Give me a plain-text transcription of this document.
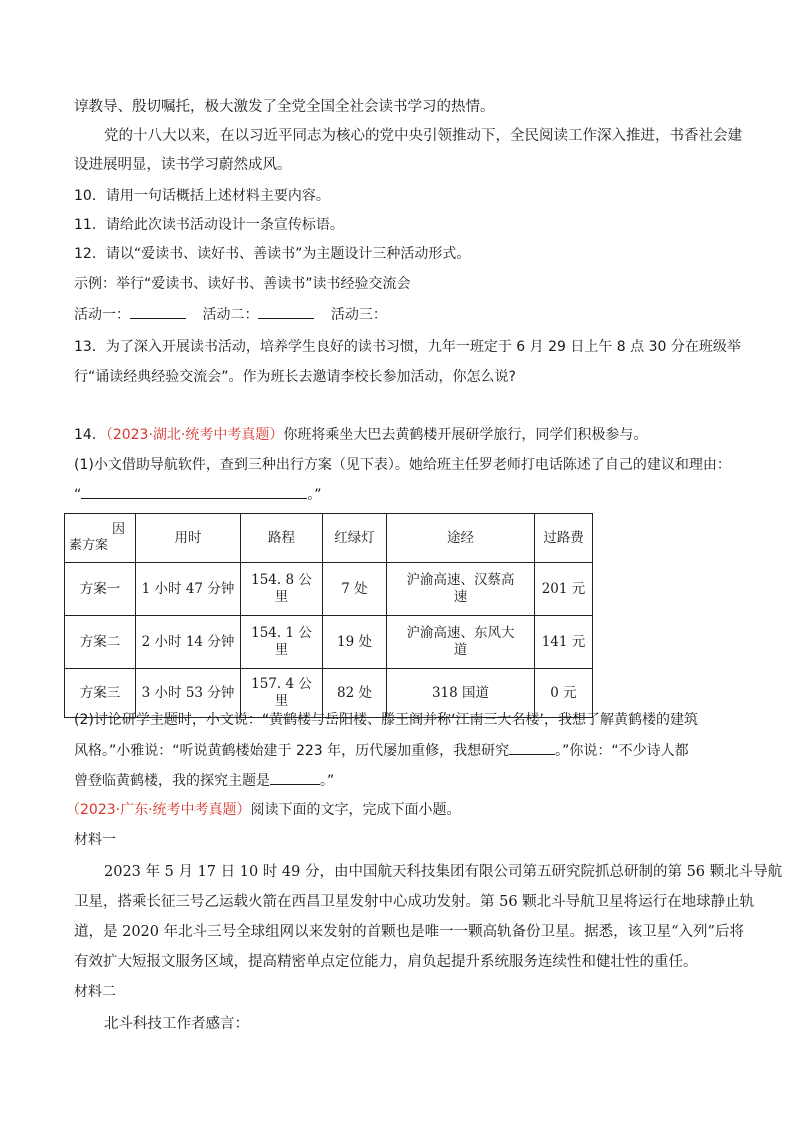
谆教导、殷切嘱托，极大激发了全党全国全社会读书学习的热情。
党的十八大以来，在以习近平同志为核心的党中央引领推动下，全民阅读工作深入推进，书香社会建
设进展明显，读书学习蔚然成风。
10．请用一句话概括上述材料主要内容。
11．请给此次读书活动设计一条宣传标语。
12．请以“爱读书、读好书、善读书”为主题设计三种活动形式。
示例：举行“爱读书、读好书、善读书”读书经验交流会
活动一：	活动二：	活动三：
13．为了深入开展读书活动，培养学生良好的读书习惯，九年一班定于 6 月 29 日上午 8 点 30 分在班级举
行“诵读经典经验交流会”。作为班长去邀请李校长参加活动，你怎么说?
14．（2023·湖北·统考中考真题）你班将乘坐大巴去黄鹤楼开展研学旅行，同学们积极参与。
(1)小文借助导航软件，查到三种出行方案（见下表）。她给班主任罗老师打电话陈述了自己的建议和理由：
“	。”
因
素方案	用时	路程	红绿灯	途经	过路费
方案一	1 小时 47 分钟	154. 8 公里	7 处	沪渝高速、汉蔡高速	201 元
方案二	2 小时 14 分钟	154. 1 公里	19 处	沪渝高速、东风大道	141 元
方案三	3 小时 53 分钟	157. 4 公里	82 处	318 国道	0 元
(2)讨论研学主题时，小文说：“黄鹤楼与岳阳楼、滕王阁并称‘江南三大名楼’，我想了解黄鹤楼的建筑
风格。”小雅说：“听说黄鹤楼始建于 223 年，历代屡加重修，我想研究	。”你说：“不少诗人都
曾登临黄鹤楼，我的探究主题是	。”
（2023·广东·统考中考真题）阅读下面的文字，完成下面小题。
材料一
2023 年 5 月 17 日 10 时 49 分，由中国航天科技集团有限公司第五研究院抓总研制的第 56 颗北斗导航
卫星，搭乘长征三号乙运载火箭在西昌卫星发射中心成功发射。第 56 颗北斗导航卫星将运行在地球静止轨
道，是 2020 年北斗三号全球组网以来发射的首颗也是唯一一颗高轨备份卫星。据悉，该卫星“入列”后将
有效扩大短报文服务区域，提高精密单点定位能力，肩负起提升系统服务连续性和健壮性的重任。
材料二
北斗科技工作者感言：
